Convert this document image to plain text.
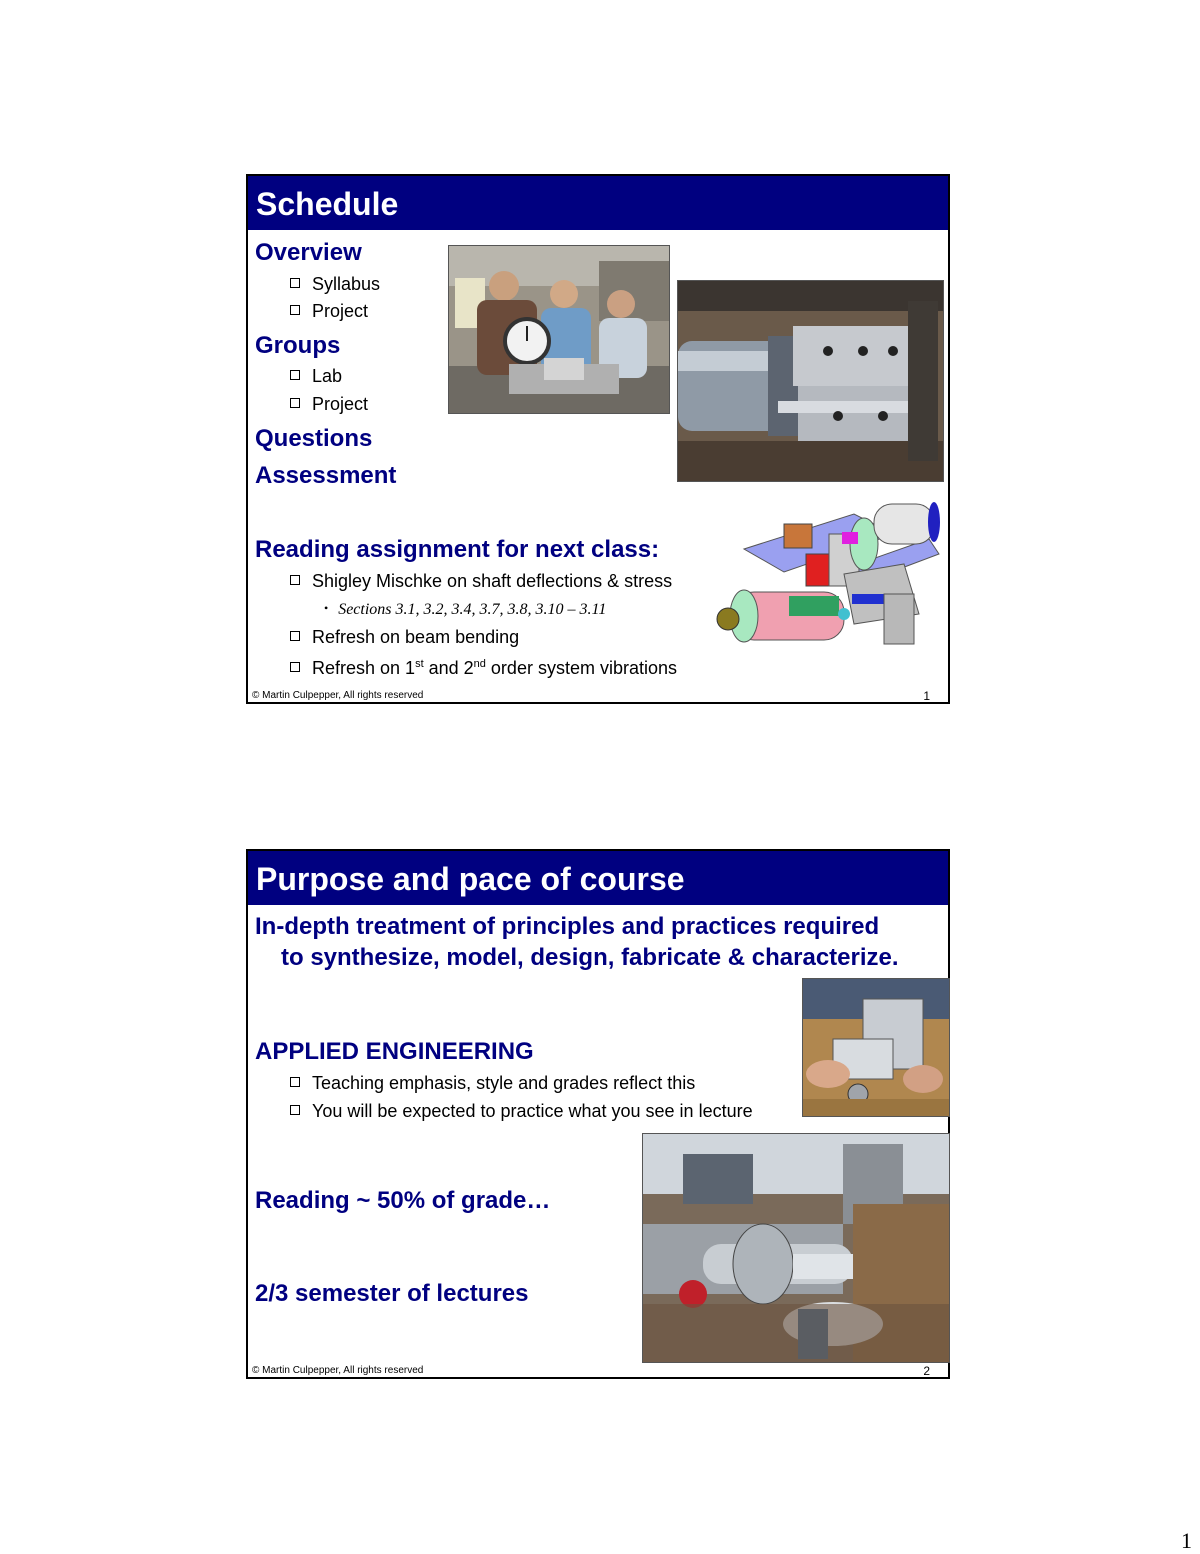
Schedule
Overview
Syllabus
Project
Groups
Lab
Project
Questions
Assessment
Reading assignment for next class:
Shigley Mischke on shaft deflections & stress
• Sections 3.1, 3.2, 3.4, 3.7, 3.8, 3.10 – 3.11
Refresh on beam bending
Refresh on 1st and 2nd order system vibrations
© Martin Culpepper, All rights reserved	1
Purpose and pace of course
In-depth treatment of principles and practices required
to synthesize, model, design, fabricate & characterize.
APPLIED ENGINEERING
Teaching emphasis, style and grades reflect this
You will be expected to practice what you see in lecture
Reading ~ 50% of grade…
2/3 semester of lectures
© Martin Culpepper, All rights reserved	2
1
